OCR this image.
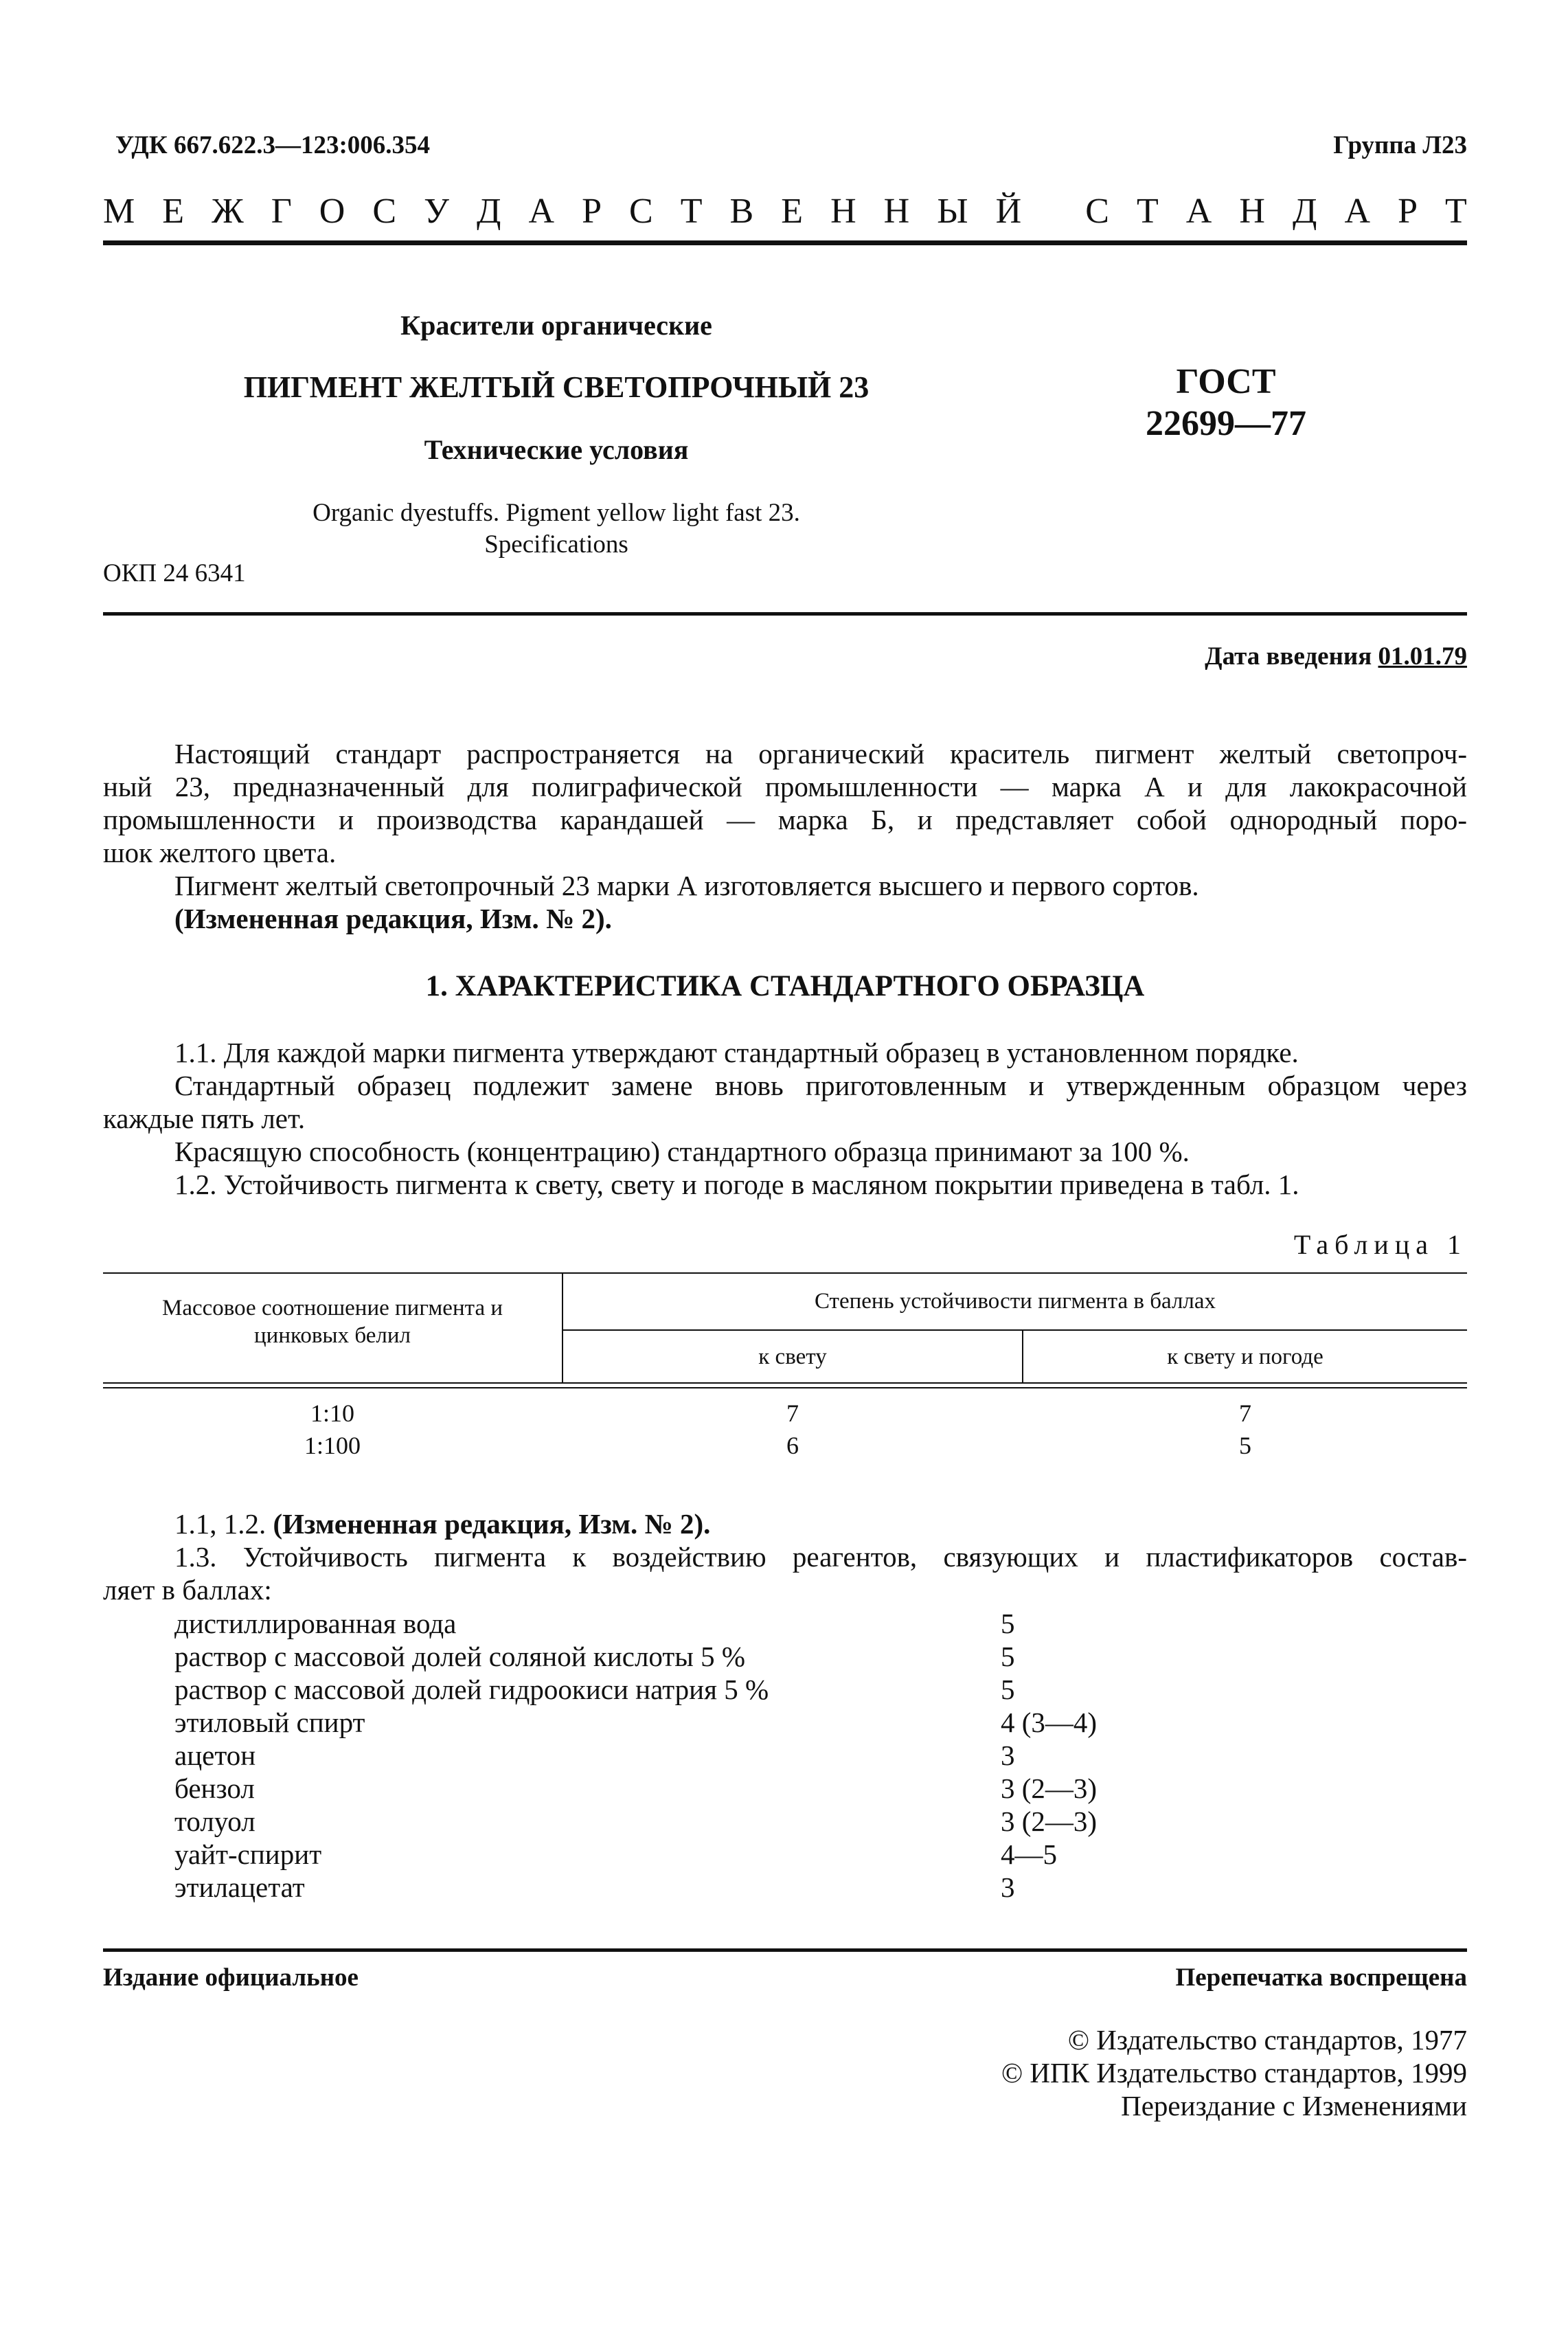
УДК 667.622.3—123:006.354	Группа Л23
М Е Ж Г О С У Д А Р С Т В Е Н Н Ы Й
С Т А Н Д А Р Т
Красители органические
ПИГМЕНТ ЖЕЛТЫЙ СВЕТОПРОЧНЫЙ 23
Технические условия
Organic dyestuffs. Pigment yellow light fast 23.
Specifications
ОКП 24 6341
ГОСТ
22699—77
Дата введения 01.01.79
Настоящий стандарт распространяется на органический краситель пигмент желтый светопроч-
ный 23, предназначенный для полиграфической промышленности — марка А и для лакокрасочной
промышленности и производства карандашей — марка Б, и представляет собой однородный поро-
шок желтого цвета.
Пигмент желтый светопрочный 23 марки А изготовляется высшего и первого сортов.
(Измененная редакция, Изм. № 2).
1. ХАРАКТЕРИСТИКА СТАНДАРТНОГО ОБРАЗЦА
1.1. Для каждой марки пигмента утверждают стандартный образец в установленном порядке.
Стандартный образец подлежит замене вновь приготовленным и утвержденным образцом через
каждые пять лет.
Красящую способность (концентрацию) стандартного образца принимают за 100 %.
1.2. Устойчивость пигмента к свету, свету и погоде в масляном покрытии приведена в табл. 1.
Таблица 1
Массовое соотношение пигмента и
цинковых белил
Степень устойчивости пигмента в баллах
к свету	к свету и погоде
1:10	7	7
1:100	6	5
1.1, 1.2. (Измененная редакция, Изм. № 2).
1.3. Устойчивость пигмента к воздействию реагентов, связующих и пластификаторов состав-
ляет в баллах:
дистиллированная вода	5
раствор с массовой долей соляной кислоты 5 %	5
раствор с массовой долей гидроокиси натрия 5 %	5
этиловый спирт	4 (3—4)
ацетон	3
бензол	3 (2—3)
толуол	3 (2—3)
уайт-спирит	4—5
этилацетат	3
Издание официальное	Перепечатка воспрещена
© Издательство стандартов, 1977
© ИПК Издательство стандартов, 1999
Переиздание с Изменениями
